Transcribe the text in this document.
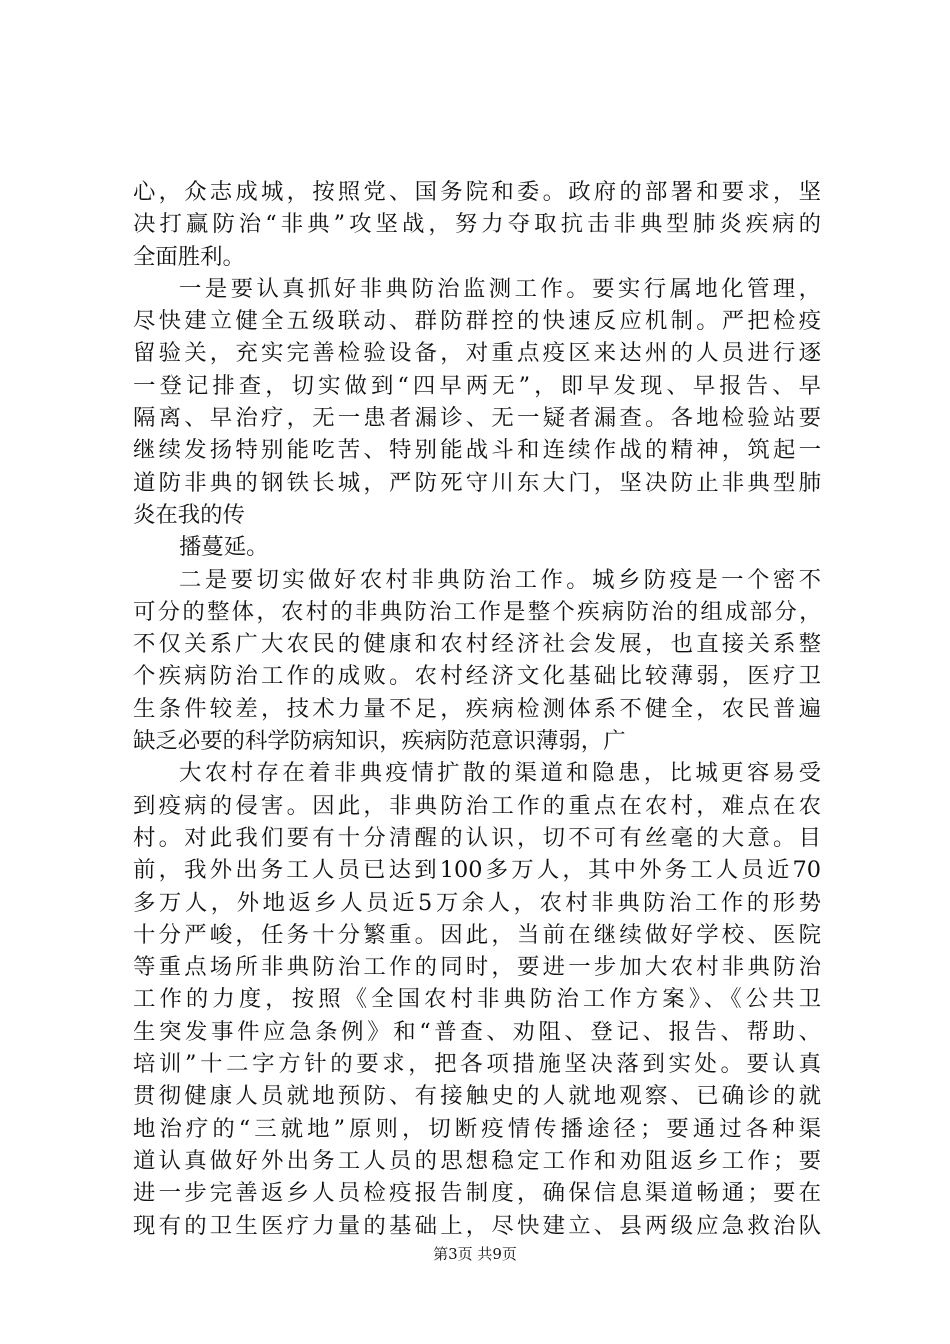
心，众志成城，按照党、国务院和委。政府的部署和要求，坚
决打赢防治“非典”攻坚战，努力夺取抗击非典型肺炎疾病的
全面胜利。
一是要认真抓好非典防治监测工作。要实行属地化管理，
尽快建立健全五级联动、群防群控的快速反应机制。严把检疫
留验关，充实完善检验设备，对重点疫区来达州的人员进行逐
一登记排查，切实做到“四早两无”，即早发现、早报告、早
隔离、早治疗，无一患者漏诊、无一疑者漏查。各地检验站要
继续发扬特别能吃苦、特别能战斗和连续作战的精神，筑起一
道防非典的钢铁长城，严防死守川东大门，坚决防止非典型肺
炎在我的传
播蔓延。
二是要切实做好农村非典防治工作。城乡防疫是一个密不
可分的整体，农村的非典防治工作是整个疾病防治的组成部分，
不仅关系广大农民的健康和农村经济社会发展，也直接关系整
个疾病防治工作的成败。农村经济文化基础比较薄弱，医疗卫
生条件较差，技术力量不足，疾病检测体系不健全，农民普遍
缺乏必要的科学防病知识，疾病防范意识薄弱，广
大农村存在着非典疫情扩散的渠道和隐患，比城更容易受
到疫病的侵害。因此，非典防治工作的重点在农村，难点在农
村。对此我们要有十分清醒的认识，切不可有丝毫的大意。目
前，我外出务工人员已达到100多万人，其中外务工人员近70
多万人，外地返乡人员近5万余人，农村非典防治工作的形势
十分严峻，任务十分繁重。因此，当前在继续做好学校、医院
等重点场所非典防治工作的同时，要进一步加大农村非典防治
工作的力度，按照《全国农村非典防治工作方案》、《公共卫
生突发事件应急条例》和“普查、劝阻、登记、报告、帮助、
培训”十二字方针的要求，把各项措施坚决落到实处。要认真
贯彻健康人员就地预防、有接触史的人就地观察、已确诊的就
地治疗的“三就地”原则，切断疫情传播途径；要通过各种渠
道认真做好外出务工人员的思想稳定工作和劝阻返乡工作；要
进一步完善返乡人员检疫报告制度，确保信息渠道畅通；要在
现有的卫生医疗力量的基础上，尽快建立、县两级应急救治队
第3页 共9页
